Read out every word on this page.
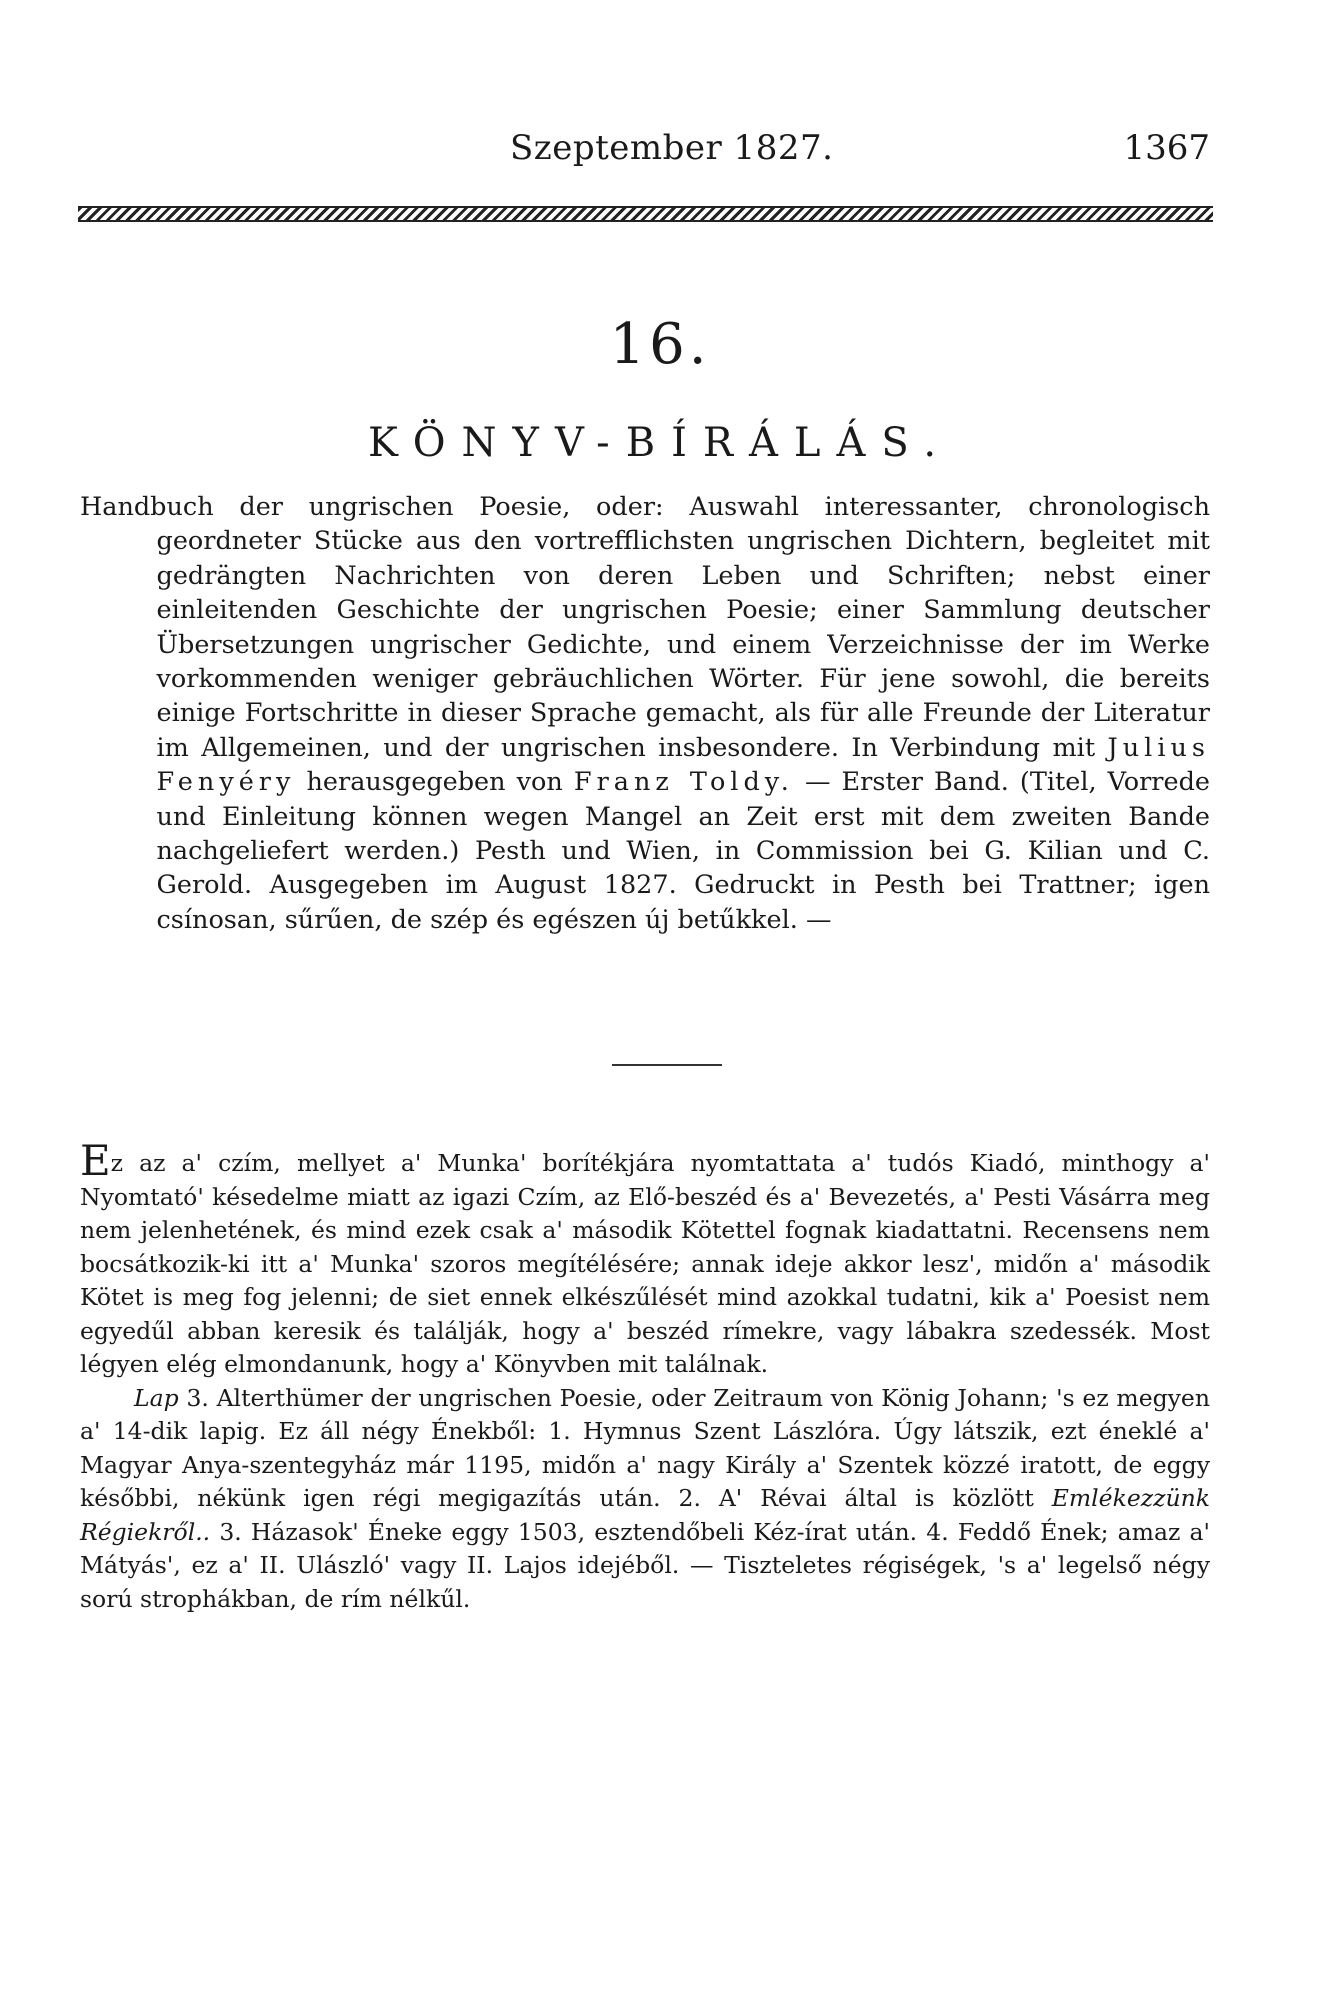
Szeptember 1827.	1367
16.
KÖNYV-BÍRÁLÁS.
Handbuch der ungrischen Poesie, oder: Auswahl interessanter, chronologisch geordneter Stücke aus den vortrefflichsten ungrischen Dichtern, begleitet mit gedrängten Nachrichten von deren Leben und Schriften; nebst einer einleitenden Geschichte der ungrischen Poesie; einer Sammlung deutscher Übersetzungen ungrischer Gedichte, und einem Verzeichnisse der im Werke vorkommenden weniger gebräuchlichen Wörter. Für jene sowohl, die bereits einige Fortschritte in dieser Sprache gemacht, als für alle Freunde der Literatur im Allgemeinen, und der ungrischen insbesondere. In Verbindung mit Julius Fenyéry herausgegeben von Franz Toldy. — Erster Band. (Titel, Vorrede und Einleitung können wegen Mangel an Zeit erst mit dem zweiten Bande nachgeliefert werden.) Pesth und Wien, in Commission bei G. Kilian und C. Gerold. Ausgegeben im August 1827. Gedruckt in Pesth bei Trattner; igen csínosan, sűrűen, de szép és egészen új betűkkel. —

Ez az a' czím, mellyet a' Munka' borítékjára nyomtattata a' tudós Kiadó, minthogy a' Nyomtató' késedelme miatt az igazi Czím, az Elő-beszéd és a' Bevezetés, a' Pesti Vásárra meg nem jelenhetének, és mind ezek csak a' második Kötettel fognak kiadattatni. Recensens nem bocsátkozik-ki itt a' Munka' szoros megítélésére; annak ideje akkor lesz', midőn a' második Kötet is meg fog jelenni; de siet ennek elkészűlését mind azokkal tudatni, kik a' Poesist nem egyedűl abban keresik és találják, hogy a' beszéd rímekre, vagy lábakra szedessék. Most légyen elég elmondanunk, hogy a' Könyvben mit találnak.

Lap 3. Alterthümer der ungrischen Poesie, oder Zeitraum von König Johann; 's ez megyen a' 14-dik lapig. Ez áll négy Énekből: 1. Hymnus Szent Lászlóra. Úgy látszik, ezt éneklé a' Magyar Anya-szentegyház már 1195, midőn a' nagy Király a' Szentek közzé iratott, de eggy későbbi, nékünk igen régi megigazítás után. 2. A' Révai által is közlött Emlékezzünk Régiekről.. 3. Házasok' Éneke eggy 1503, esztendőbeli Kéz-írat után. 4. Feddő Ének; amaz a' Mátyás', ez a' II. Ulászló' vagy II. Lajos idejéből. — Tiszteletes régiségek, 's a' legelső négy sorú strophákban, de rím nélkűl.
